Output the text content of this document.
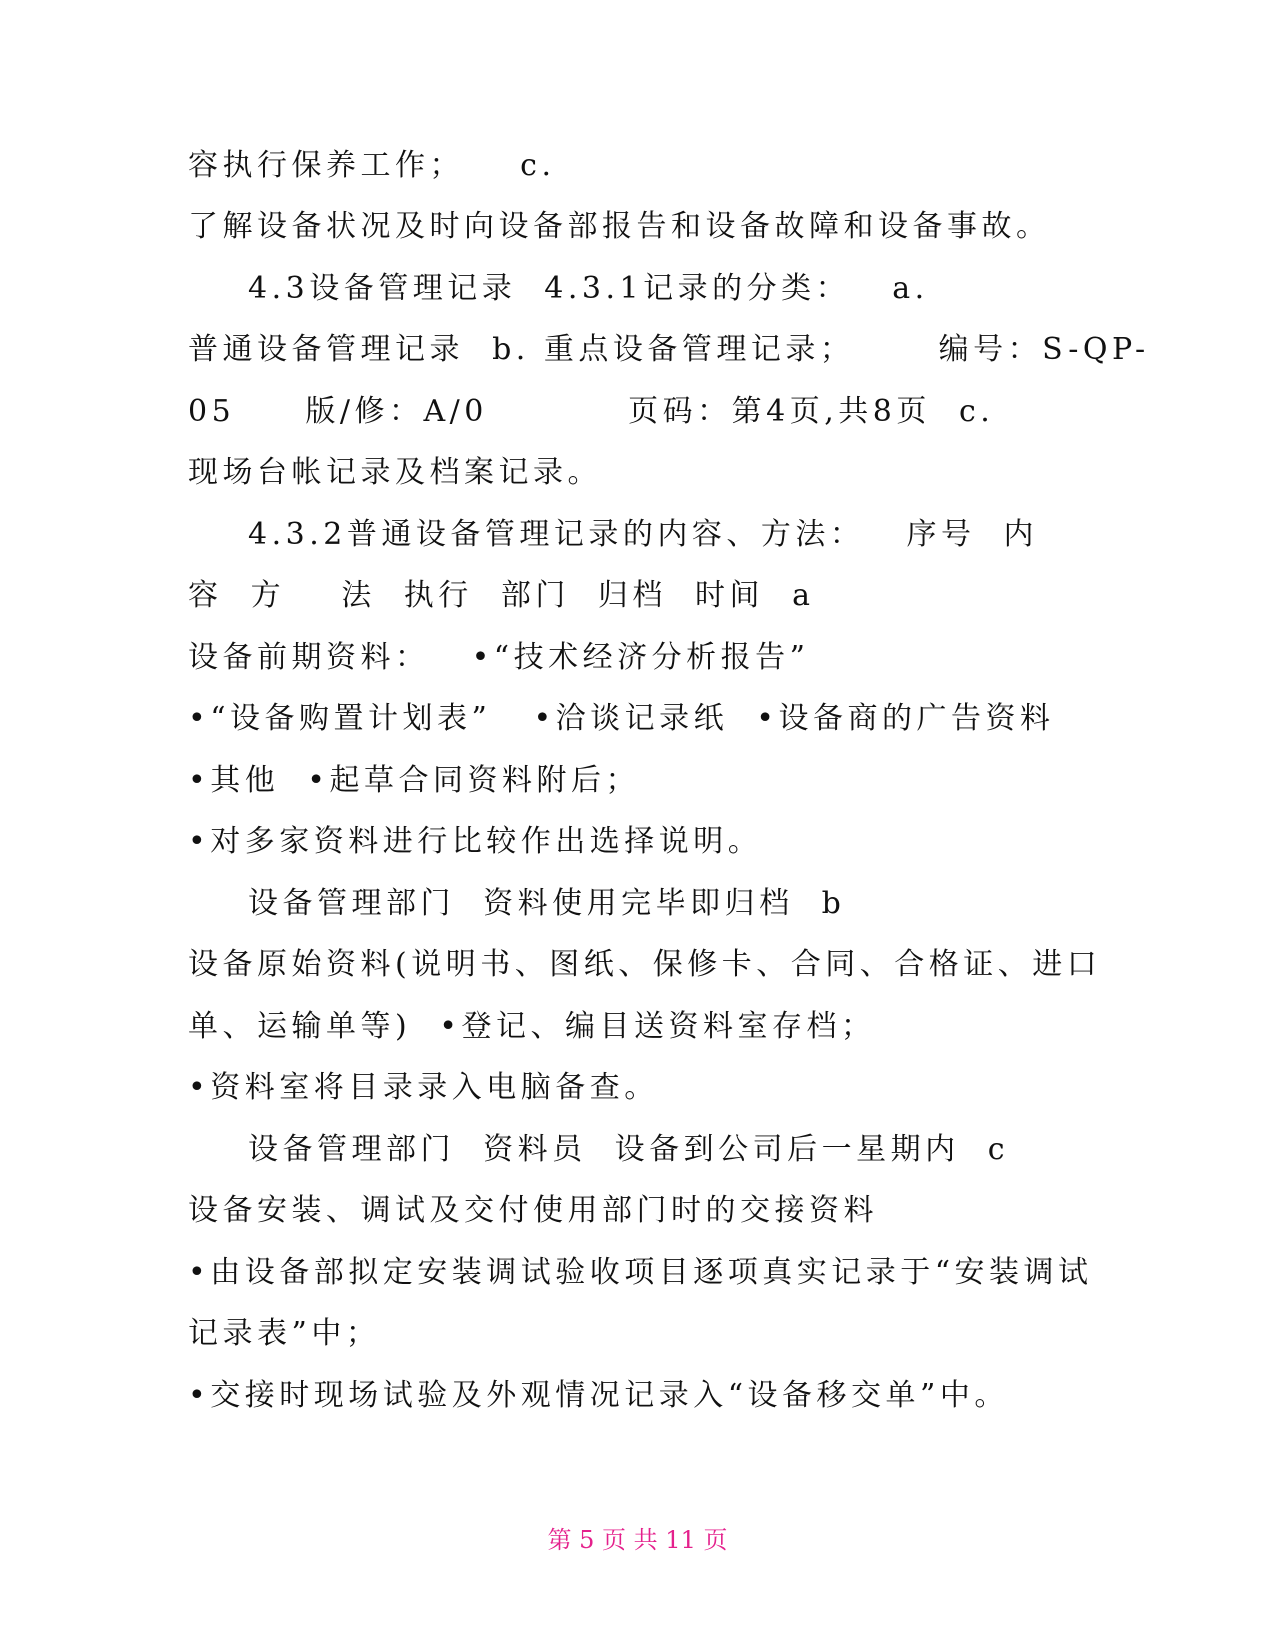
容执行保养工作；    c.

了解设备状况及时向设备部报告和设备故障和设备事故。

4.3设备管理记录  4.3.1记录的分类：   a.

普通设备管理记录  b. 重点设备管理记录；      编号：S-QP-

05     版/修：A/0          页码：第4页,共8页  c.

现场台帐记录及档案记录。

4.3.2普通设备管理记录的内容、方法：   序号  内

容  方    法  执行  部门  归档  时间  a

设备前期资料：   •“技术经济分析报告”

•“设备购置计划表”   •洽谈记录纸  •设备商的广告资料

•其他  •起草合同资料附后；

•对多家资料进行比较作出选择说明。

设备管理部门  资料使用完毕即归档  b

设备原始资料(说明书、图纸、保修卡、合同、合格证、进口

单、运输单等)  •登记、编目送资料室存档；

•资料室将目录录入电脑备查。

设备管理部门  资料员  设备到公司后一星期内  c

设备安装、调试及交付使用部门时的交接资料

•由设备部拟定安装调试验收项目逐项真实记录于“安装调试

记录表”中；

•交接时现场试验及外观情况记录入“设备移交单”中。

第 5 页 共 11 页
